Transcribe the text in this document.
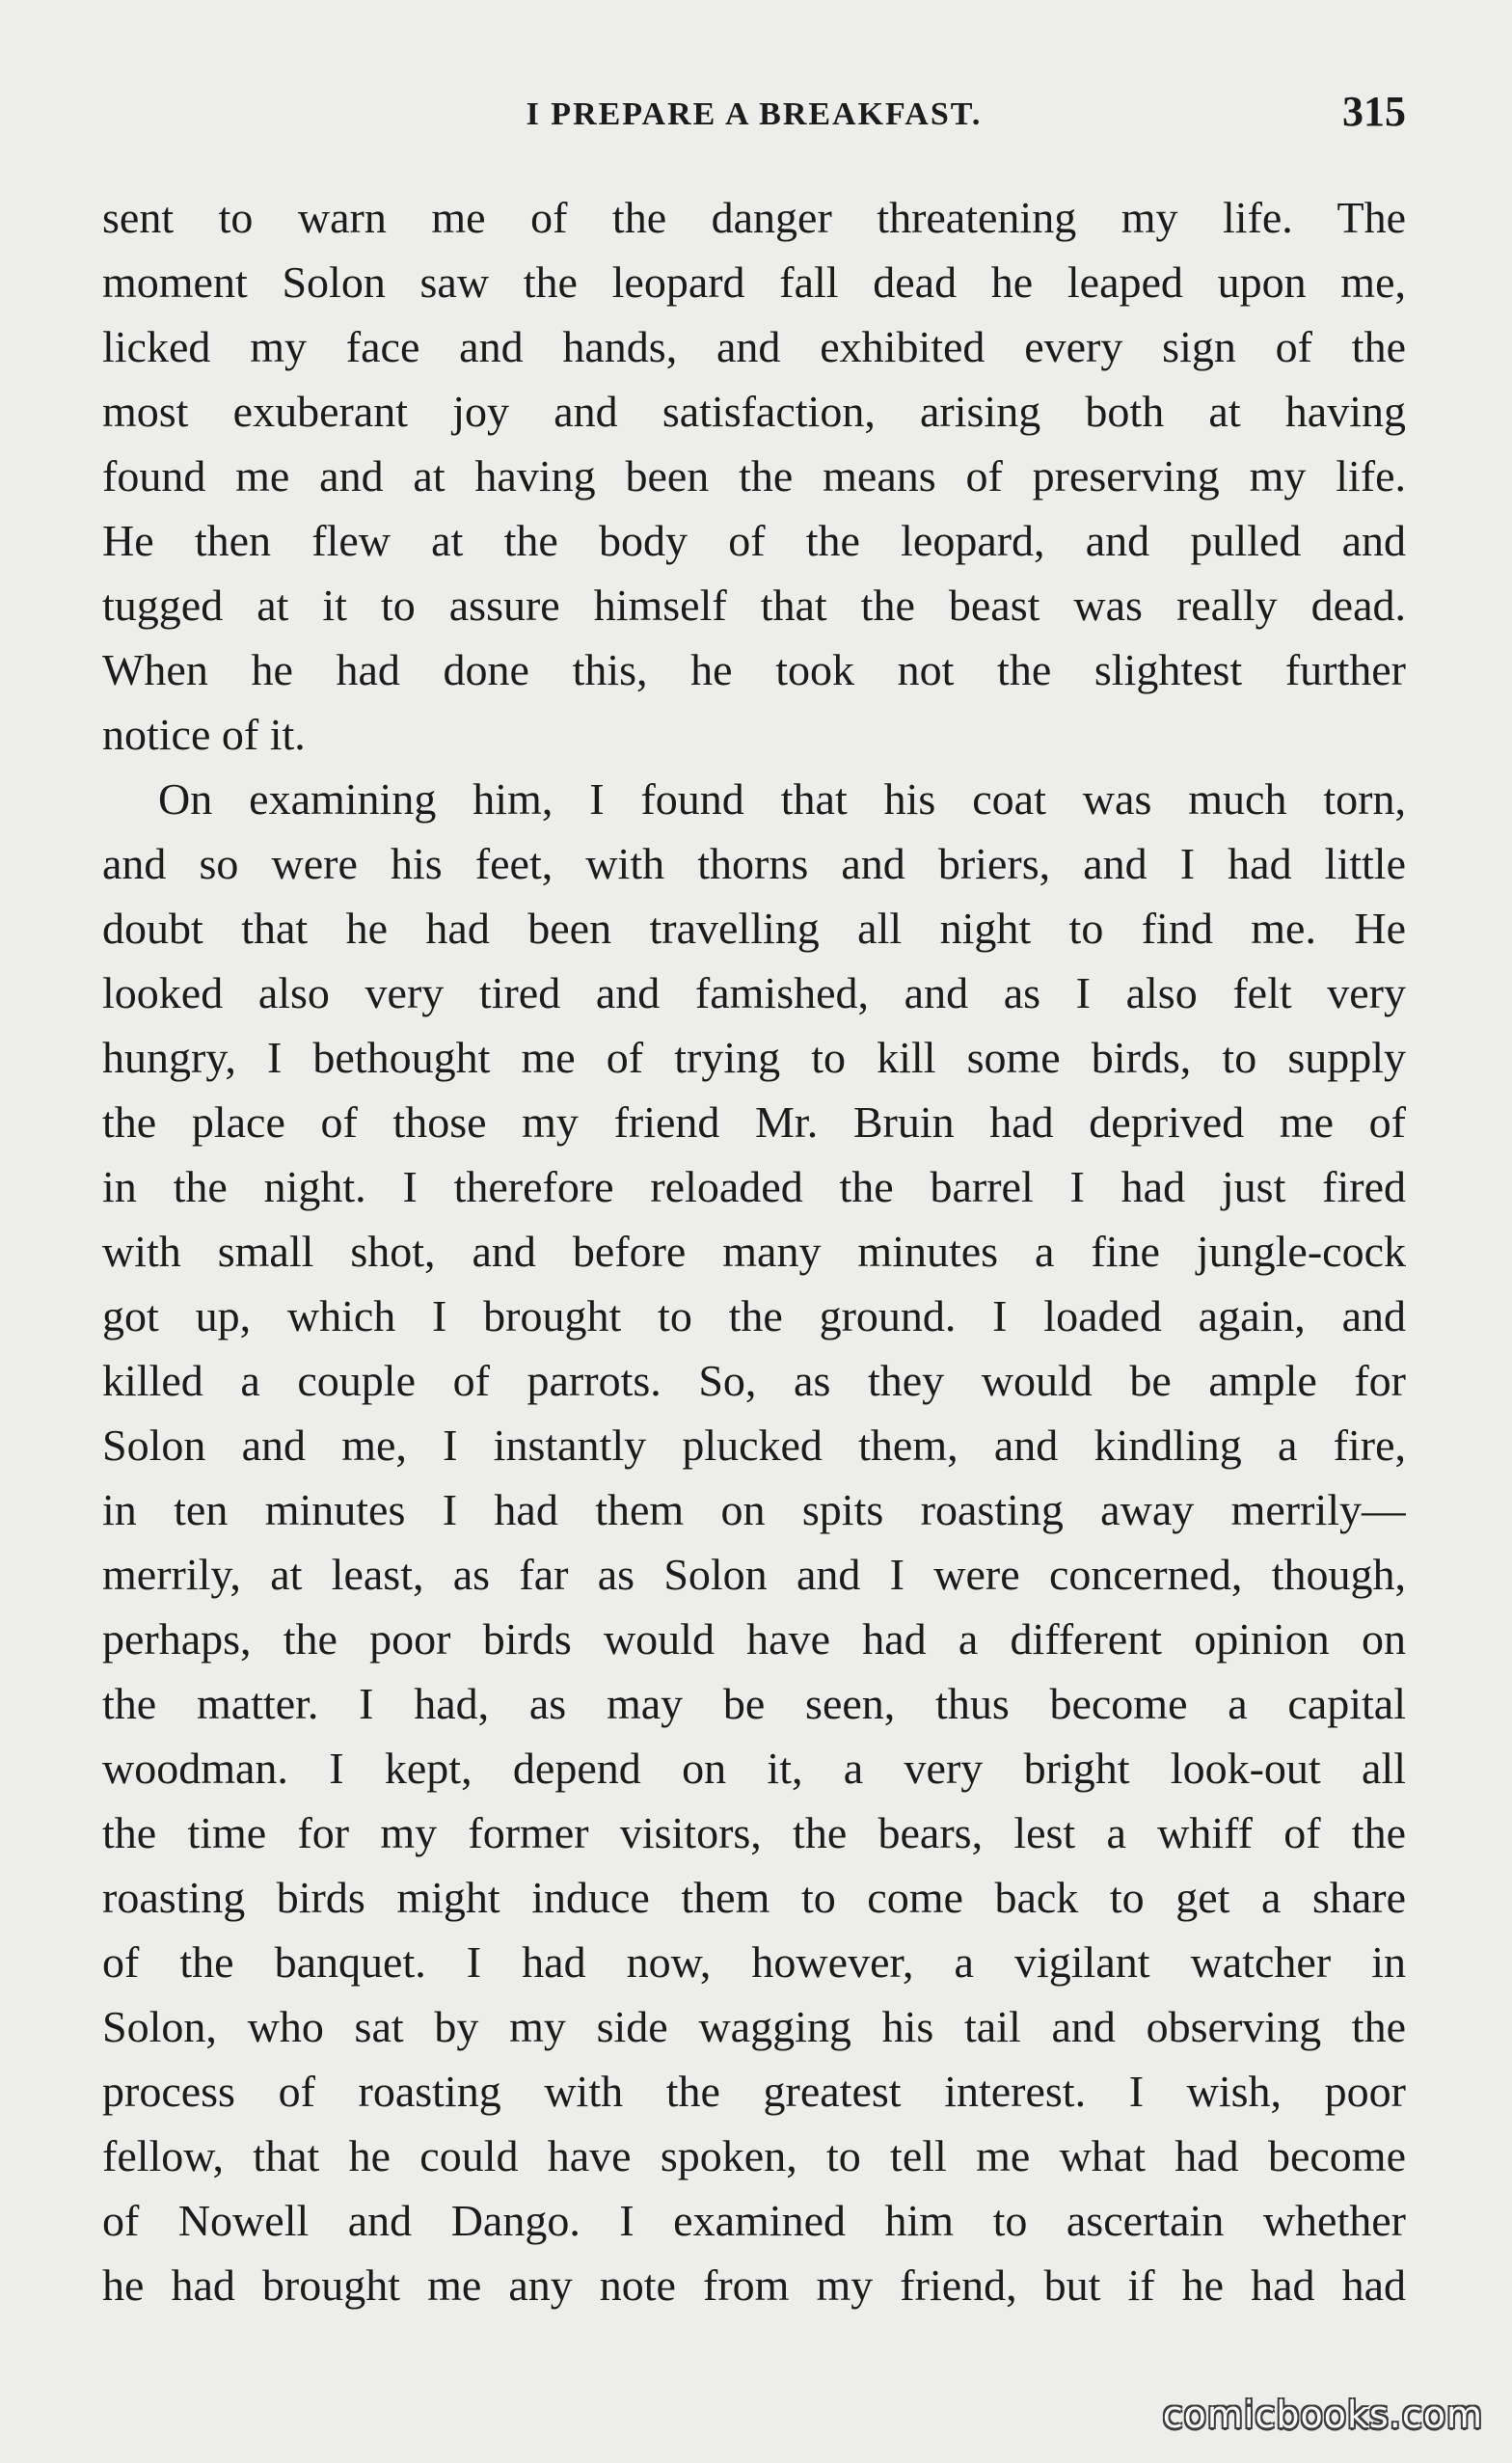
I PREPARE A BREAKFAST.	315
sent to warn me of the danger threatening my life. The
moment Solon saw the leopard fall dead he leaped upon me,
licked my face and hands, and exhibited every sign of the
most exuberant joy and satisfaction, arising both at having
found me and at having been the means of preserving my life.
He then flew at the body of the leopard, and pulled and
tugged at it to assure himself that the beast was really dead.
When he had done this, he took not the slightest further
notice of it.
On examining him, I found that his coat was much torn,
and so were his feet, with thorns and briers, and I had little
doubt that he had been travelling all night to find me. He
looked also very tired and famished, and as I also felt very
hungry, I bethought me of trying to kill some birds, to supply
the place of those my friend Mr. Bruin had deprived me of
in the night. I therefore reloaded the barrel I had just fired
with small shot, and before many minutes a fine jungle-cock
got up, which I brought to the ground. I loaded again, and
killed a couple of parrots. So, as they would be ample for
Solon and me, I instantly plucked them, and kindling a fire,
in ten minutes I had them on spits roasting away merrily—
merrily, at least, as far as Solon and I were concerned, though,
perhaps, the poor birds would have had a different opinion on
the matter. I had, as may be seen, thus become a capital
woodman. I kept, depend on it, a very bright look-out all
the time for my former visitors, the bears, lest a whiff of the
roasting birds might induce them to come back to get a share
of the banquet. I had now, however, a vigilant watcher in
Solon, who sat by my side wagging his tail and observing the
process of roasting with the greatest interest. I wish, poor
fellow, that he could have spoken, to tell me what had become
of Nowell and Dango. I examined him to ascertain whether
he had brought me any note from my friend, but if he had had
comicbooks.com
